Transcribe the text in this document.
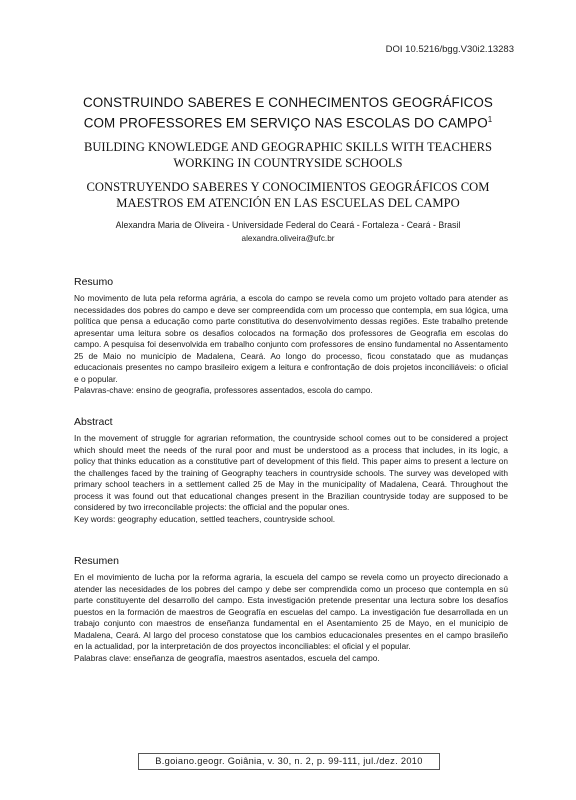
DOI 10.5216/bgg.V30i2.13283
CONSTRUINDO SABERES E CONHECIMENTOS GEOGRÁFICOS
COM PROFESSORES EM SERVIÇO NAS ESCOLAS DO CAMPO$^1$
BUILDING KNOWLEDGE AND GEOGRAPHIC SKILLS WITH TEACHERS
WORKING IN COUNTRYSIDE SCHOOLS
CONSTRUYENDO SABERES Y CONOCIMIENTOS GEOGRÁFICOS COM
MAESTROS EM ATENCIÓN EN LAS ESCUELAS DEL CAMPO
Alexandra Maria de Oliveira - Universidade Federal do Ceará - Fortaleza - Ceará - Brasil
alexandra.oliveira@ufc.br
Resumo

No movimento de luta pela reforma agrária, a escola do campo se revela como um projeto voltado para atender as necessidades dos pobres do campo e deve ser compreendida com um processo que contempla, em sua lógica, uma política que pensa a educação como parte constitutiva do desenvolvimento dessas regiões. Este trabalho pretende apresentar uma leitura sobre os desafios colocados na formação dos professores de Geografia em escolas do campo. A pesquisa foi desenvolvida em trabalho conjunto com professores de ensino fundamental no Assentamento 25 de Maio no município de Madalena, Ceará. Ao longo do processo, ficou constatado que as mudanças educacionais presentes no campo brasileiro exigem a leitura e confrontação de dois projetos inconciliáveis: o oficial e o popular.

Palavras-chave: ensino de geografia, professores assentados, escola do campo.

Abstract

In the movement of struggle for agrarian reformation, the countryside school comes out to be considered a project which should meet the needs of the rural poor and must be understood as a process that includes, in its logic, a policy that thinks education as a constitutive part of development of this field. This paper aims to present a lecture on the challenges faced by the training of Geography teachers in countryside schools. The survey was developed with primary school teachers in a settlement called 25 de May in the municipality of Madalena, Ceará. Throughout the process it was found out that educational changes present in the Brazilian countryside today are supposed to be considered by two irreconcilable projects: the official and the popular ones.

Key words: geography education, settled teachers, countryside school.

Resumen

En el movimiento de lucha por la reforma agraria, la escuela del campo se revela como un proyecto direcionado a atender las necesidades de los pobres del campo y debe ser comprendida como un proceso que contempla en sú parte constituyente del desarrollo del campo. Esta investigación pretende presentar una lectura sobre los desafíos puestos en la formación de maestros de Geografía en escuelas del campo. La investigación fue desarrollada en un trabajo conjunto con maestros de enseñanza fundamental en el Asentamiento 25 de Mayo, en el municipio de Madalena, Ceará. Al largo del proceso constatose que los cambios educacionales presentes en el campo brasileño en la actualidad, por la interpretación de dos proyectos inconciliables: el oficial y el popular.

Palabras clave: enseñanza de geografía, maestros asentados, escuela del campo.

B.goiano.geogr. Goiânia, v. 30, n. 2, p. 99-111, jul./dez. 2010
